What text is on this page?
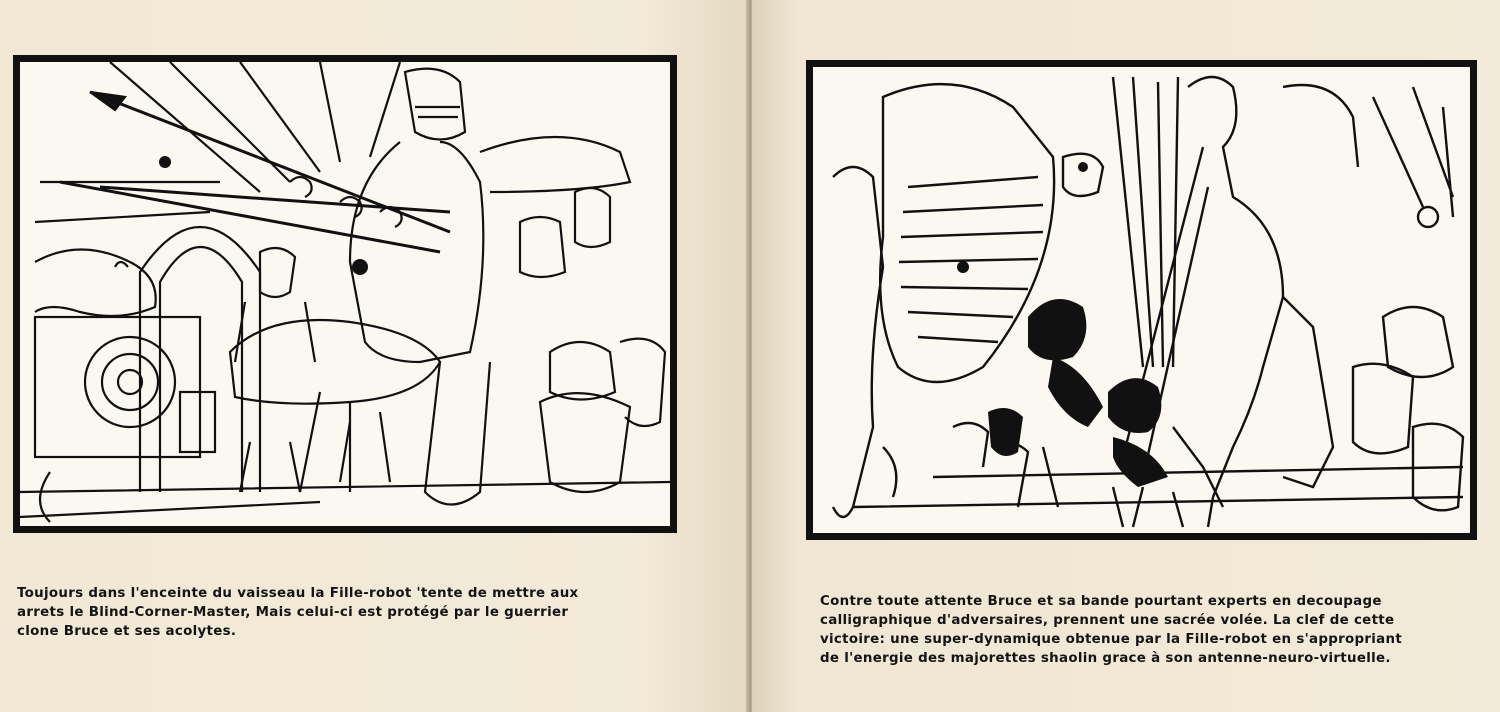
Toujours dans l'enceinte du vaisseau la Fille-robot 'tente de mettre aux
arrets le Blind-Corner-Master, Mais celui-ci est protégé par le guerrier
clone Bruce et ses acolytes.

Contre toute attente Bruce et sa bande pourtant experts en decoupage
calligraphique d'adversaires, prennent une sacrée volée. La clef de cette
victoire: une super-dynamique obtenue par la Fille-robot en s'appropriant
de l'energie des majorettes shaolin grace à son antenne-neuro-virtuelle.
